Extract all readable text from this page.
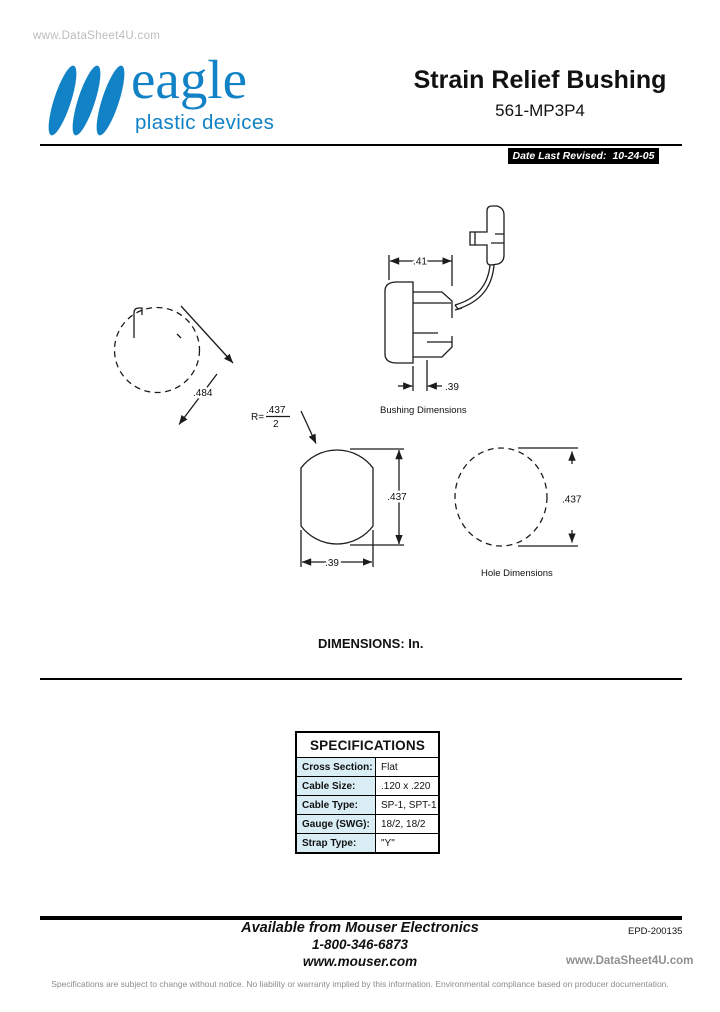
www.DataSheet4U.com
eagle
plastic devices
Strain Relief Bushing
561-MP3P4
Date Last Revised: 10-24-05
.41
.39
.484
R=
.437
2
.437
.39
.437
Bushing Dimensions
Hole Dimensions
DIMENSIONS: In.
SPECIFICATIONS
Cross Section: Flat
Cable Size:	.120 x .220
Cable Type:	SP-1, SPT-1
Gauge (SWG):	18/2, 18/2
Strap Type:	"Y"
Available from Mouser Electronics
1-800-346-6873
www.mouser.com
EPD-200135
www.DataSheet4U.com
Specifications are subject to change without notice. No liability or warranty implied by this information. Environmental compliance based on producer documentation.
